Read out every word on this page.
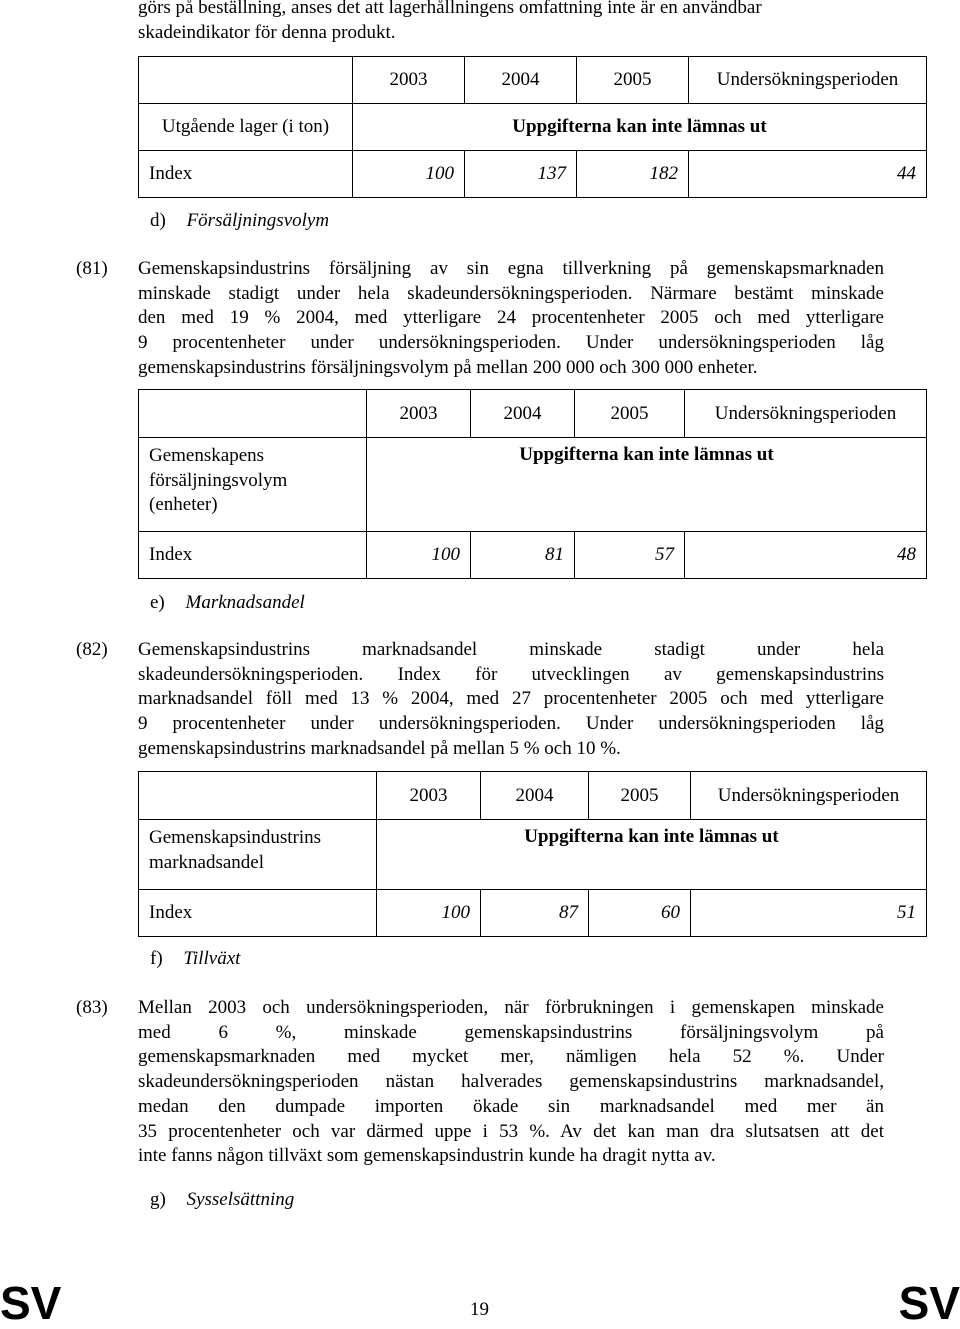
görs på beställning, anses det att lagerhållningens omfattning inte är en användbar
skadeindikator för denna produkt.
	2003	2004	2005	Undersökningsperioden
Utgående lager (i ton)	Uppgifterna kan inte lämnas ut			
Index	100	137	182	44
d) Försäljningsvolym
(81) Gemenskapsindustrins försäljning av sin egna tillverkning på gemenskapsmarknaden
minskade stadigt under hela skadeundersökningsperioden. Närmare bestämt minskade
den med 19 % 2004, med ytterligare 24 procentenheter 2005 och med ytterligare
9 procentenheter under undersökningsperioden. Under undersökningsperioden låg
gemenskapsindustrins försäljningsvolym på mellan 200 000 och 300 000 enheter.
	2003	2004	2005	Undersökningsperioden
Gemenskapens
försäljningsvolym
(enheter)	Uppgifterna kan inte lämnas ut			
Index	100	81	57	48
e) Marknadsandel
(82) Gemenskapsindustrins marknadsandel minskade stadigt under hela
skadeundersökningsperioden. Index för utvecklingen av gemenskapsindustrins
marknadsandel föll med 13 % 2004, med 27 procentenheter 2005 och med ytterligare
9 procentenheter under undersökningsperioden. Under undersökningsperioden låg
gemenskapsindustrins marknadsandel på mellan 5 % och 10 %.
	2003	2004	2005	Undersökningsperioden
Gemenskapsindustrins
marknadsandel	Uppgifterna kan inte lämnas ut			
Index	100	87	60	51
f) Tillväxt
(83) Mellan 2003 och undersökningsperioden, när förbrukningen i gemenskapen minskade
med 6 %, minskade gemenskapsindustrins försäljningsvolym på
gemenskapsmarknaden med mycket mer, nämligen hela 52 %. Under
skadeundersökningsperioden nästan halverades gemenskapsindustrins marknadsandel,
medan den dumpade importen ökade sin marknadsandel med mer än
35 procentenheter och var därmed uppe i 53 %. Av det kan man dra slutsatsen att det
inte fanns någon tillväxt som gemenskapsindustrin kunde ha dragit nytta av.
g) Sysselsättning
SV	19	SV
